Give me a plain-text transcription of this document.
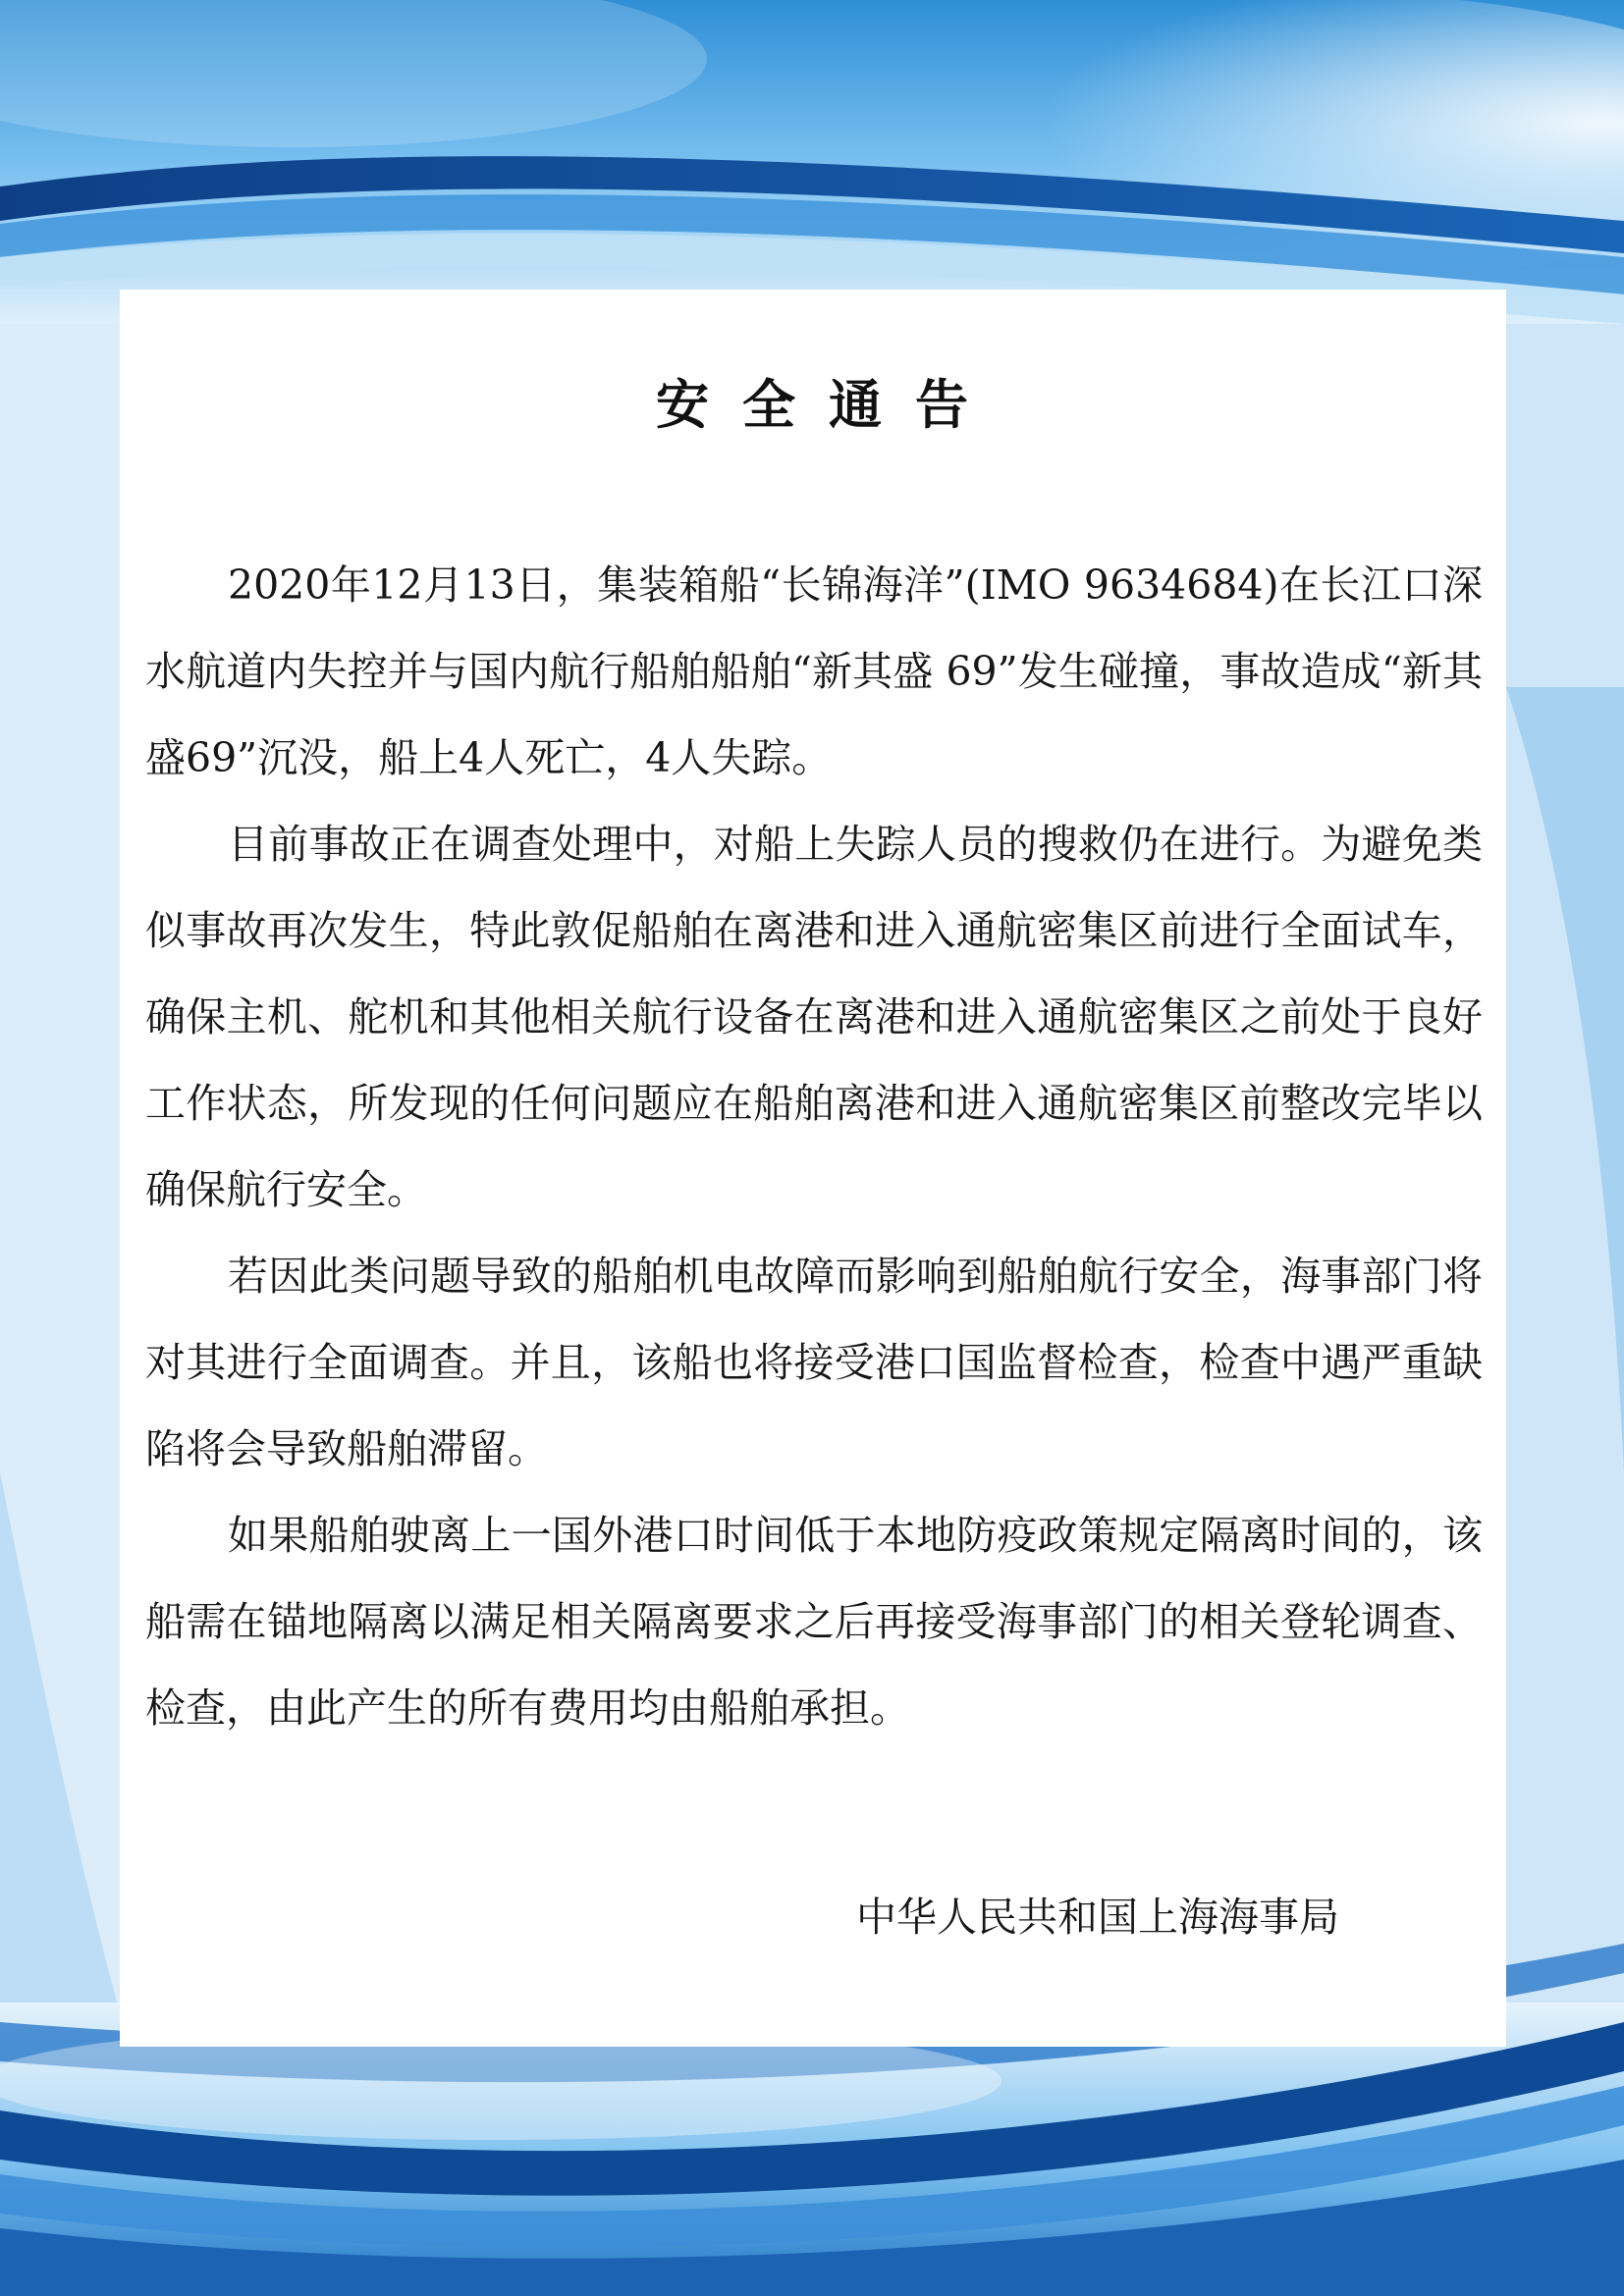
安全通告

2020年12月13日，集装箱船“长锦海洋”(IMO 9634684)在长江口深水航道内失控并与国内航行船舶船舶“新其盛 69”发生碰撞，事故造成“新其盛69”沉没，船上4人死亡，4人失踪。

目前事故正在调查处理中，对船上失踪人员的搜救仍在进行。为避免类似事故再次发生，特此敦促船舶在离港和进入通航密集区前进行全面试车，确保主机、舵机和其他相关航行设备在离港和进入通航密集区之前处于良好工作状态，所发现的任何问题应在船舶离港和进入通航密集区前整改完毕以确保航行安全。

若因此类问题导致的船舶机电故障而影响到船舶航行安全，海事部门将对其进行全面调查。并且，该船也将接受港口国监督检查，检查中遇严重缺陷将会导致船舶滞留。

如果船舶驶离上一国外港口时间低于本地防疫政策规定隔离时间的，该船需在锚地隔离以满足相关隔离要求之后再接受海事部门的相关登轮调查、检查，由此产生的所有费用均由船舶承担。

中华人民共和国上海海事局
